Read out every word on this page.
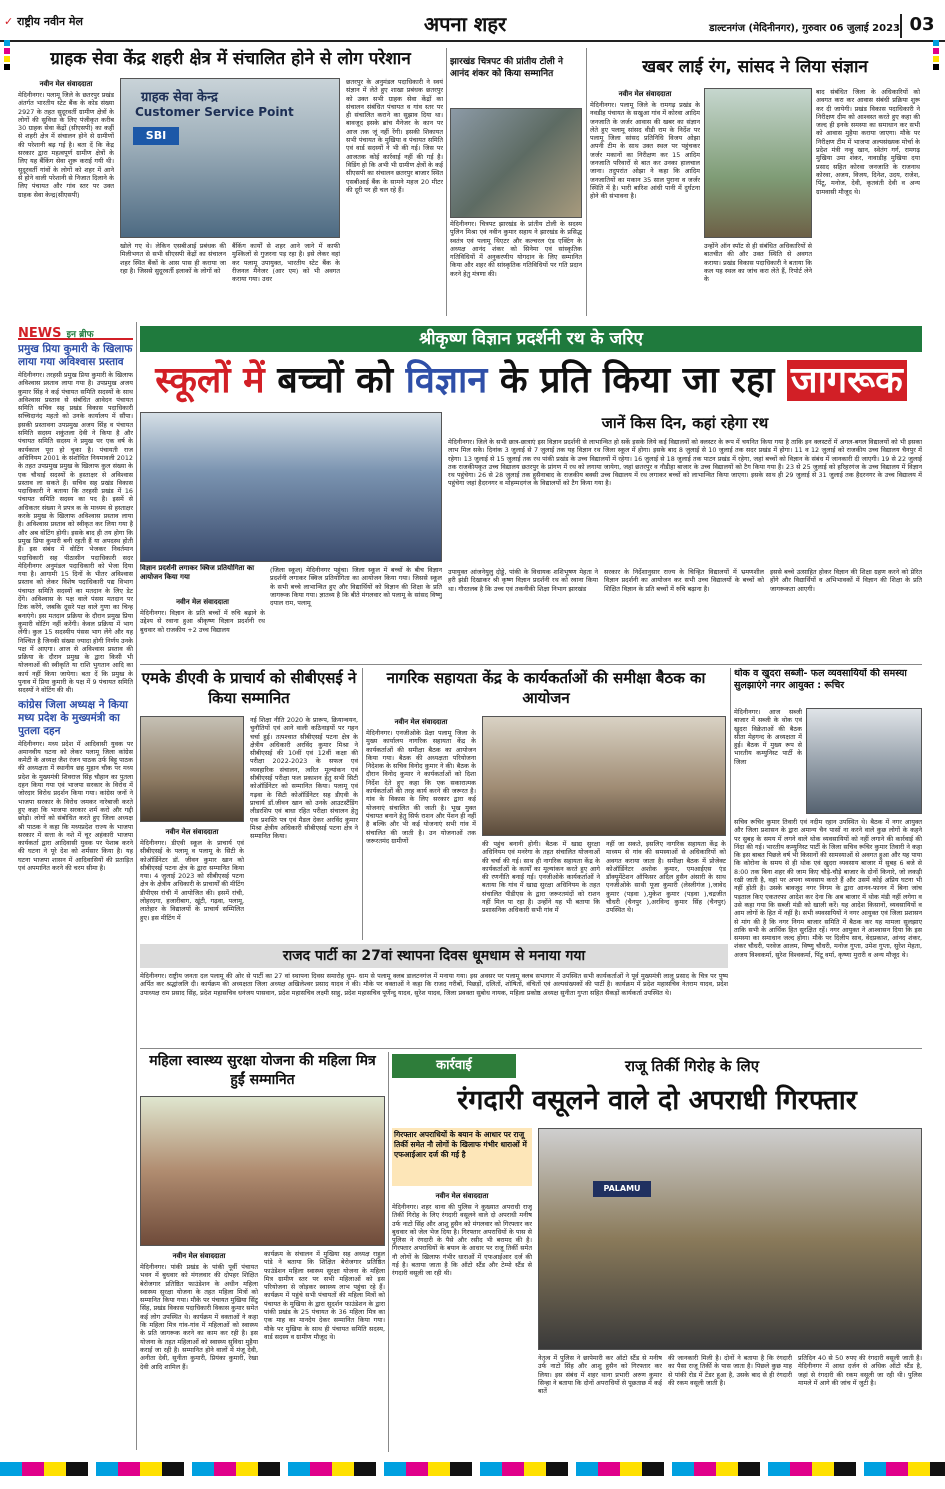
✓ राष्ट्रीय नवीन मेल	अपना शहर	डाल्टनगंज (मेदिनीनगर), गुरुवार 06 जुलाई 2023 03
ग्राहक सेवा केंद्र शहरी क्षेत्र में संचालित होने से लोग परेशान
नवीन मेल संवाददाता
मेदिनीनगर। पलामू जिले के छतरपुर प्रखंड अंतर्गत भारतीय स्टेट बैंक के कोड संख्या 2927 के तहत सुदूरवर्ती ग्रामीण क्षेत्रों के लोगों की सुविधा के लिए पंजीकृत करीब 30 ग्राहक सेवा केंद्रों (सीएसपी) का कहीं से शहरी क्षेत्र में संचालन होने से ग्रामीणों की परेशानी बढ़ गई है। बता दें कि केंद्र सरकार द्वारा महत्वपूर्ण ग्रामीण क्षेत्रों के लिए यह बैंकिंग सेवा शुरू कराई गयी थी। सुदूरवर्ती गांवों के लोगों को शहर में आने से होने वाली परेशानी से निजात दिलाने के लिए पंचायत और गांव स्तर पर उक्त ग्राहक सेवा केन्द्र(सीएसपी)
ग्राहक सेवा केन्द्र
Customer Service Point
SBI
खोले गए थे। लेकिन एसबीआई प्रबंधक की मिलीभगत से सभी सीएसपी केंद्रों का संचालन शहर स्थित बैंकों के आस पास ही कराया जा रहा है। जिससे सुदूरवर्ती इलाकों के लोगों को
बैंकिंग कार्यों से शहर आने जाने में काफी मुश्किलों से गुजरना पड़ रहा है। इसे लेकर वहां कर पलामू उपायुक्त, भारतीय स्टेट बैंक के रीजनल मैनेजर (आर एम) को भी अवगत कराया गया। उधर
छतरपुर के अनुमंडल पदाधिकारी ने स्वयं संज्ञान में लेते हुए शाखा प्रबंधक छतरपुर को उक्त सभी ग्राहक सेवा केंद्रों का संचालन संबंधित पंचायत व गांव स्तर पर ही संचालित कराने का सुझाव दिया था। बावजूद इसके ब्रांच मैनेजर के कान पर आज तक जूं नहीं रेंगी। इसकी शिकायत सभी पंचायत के मुखिया व पंचायत समिति एवं वार्ड सदस्यों ने भी की गई। जिस पर आजतक कोई कार्रवाई नहीं की गई है। विडिंग हो कि अभी भी ग्रामीण क्षेत्रों के कई सीएसपी का संचालन छतरपुर बाजार स्थित एसबीआई बैंक के सामने महज 20 मीटर की दूरी पर ही चल रहे हैं।
झारखंड चित्रपट की प्रांतीय टोली ने आनंद शंकर को किया सम्मानित
मेदिनीनगर। चित्रपट झारखंड के प्रांतीय टोली के सदस्य पुलिन मिश्रा एवं नवीन कुमार सहाय ने झारखंड के प्रसिद्ध स्वतंत्र एवं पलामू थिएटर और कल्चरल एंड एक्टिंग के अध्यक्ष आनंद शंकर को सिनेमा एवं सांस्कृतिक गतिविधियों में अनुकरणीय योगदान के लिए सम्मानित किया और शहर की सांस्कृतिक गतिविधियों पर गति प्रदान करने हेतु मंत्रणा की।
खबर लाई रंग, सांसद ने लिया संज्ञान
नवीन मेल संवाददाता
मेदिनीनगर। पलामू जिले के रामगढ़ प्रखंड के नवडीह पंचायत के सखुआ गांव में कोरवा आदिम जनजाति के जर्जर आवास की खबर का संज्ञान लेते हुए पलामू सांसद वीडी राम के निर्देश पर पलामू जिला सांसद प्रतिनिधि विजय ओझा अपनी टीम के साथ उक्त स्थल पर पहुंचकर जर्जर मकानों का निरीक्षण कर 15 आदिम जनजाति परिवारों से बात कर उनका हालचाल जाना। तदुपरांत ओझा ने कहा कि आदिम जनजातियों का मकान 35 साल पुराना व जर्जर स्थिति में है। भारी बारिश आंधी पानी में दुर्घटना होने की संभावना है।
उन्होंने ऑन स्पॉट से ही संबंधित अधिकारियों से बातचीत की और उक्त स्थिति से अवगत कराया। प्रखंड विकास पदाधिकारी ने बताया कि कल यह स्थल का जांच करा लेते हैं, रिपोर्ट लेने के
बाद संबंधित जिला के अधिकारियों को अवगत करा कर आवास संबंधी प्रक्रिया शुरू कर दी जायेगी। प्रखंड विकास पदाधिकारी ने निरीक्षण दीम को आश्वस्त करते हुए कहा की जल्द ही इनके समस्या का समाधान कर सभी को आवास मुहैया कराया जाएगा। मौके पर निरीक्षण टीम में भाजपा अल्पसंख्यक मोर्चा के प्रदेश मंत्री नन्हू खान, स्वेतंग गर्ग, रामगढ़ मुखिया उमा शंकर, नावाडीह मुखिया दया प्रसाद सहित कोरवा जनजाति के राजनाथ कोरवा, अजय, विजय, दिनेश, उदय, राजेश, पिंटू, मनोज, देवी, कृतवंती देवी व अन्य ग्रामवासी मौजूद थे।
NEWS इन ब्रीफ
प्रमुख प्रिया कुमारी के खिलाफ लाया गया अविश्वास प्रस्ताव
मेदिनीनगर। तरहसी प्रमुख प्रिया कुमारी के खिलाफ अविश्वास प्रस्ताव लाया गया है। उपप्रमुख अजय कुमार सिंह ने कई पंचायत समिति सदस्यों के साथ अविश्वास प्रस्ताव से संबंधित आवेदन पंचायत समिति सचिव सह प्रखंड विकास पदाधिकारी सच्चिदानंद महतो को उनके कार्यालय में सौंपा। इसकी प्रस्तावना उपप्रमुख अजय सिंह व पंचायत समिति सदस्य शकुंतला देवी ने किया है और पंचायत समिति सदस्य ने प्रमुख पर एक वर्ष के कार्यकाल पूरा हो चुका है। पंचायती राज अधिनियम 2001 के संशोधित नियमावली 2012 के तहत उपप्रमुख प्रमुख के खिलाफ कुल संख्या के एक चौथाई सदस्यों के हस्ताक्षर से अविश्वास प्रस्ताव ला सकते हैं। सचिव सह प्रखंड विकास पदाधिकारी ने बताया कि तरहसी प्रखंड में 16 पंचायत समिति सदस्य का पद है। इसमें से अधिकतर संख्या ने प्रपत्र क के माध्यम से हस्ताक्षर करके प्रमुख के खिलाफ अविश्वास प्रस्ताव लाया है। अविश्वास प्रस्ताव को स्वीकृत कर लिया गया है और अब वोटिंग होगी। इसके बाद ही तय होगा कि प्रमुख प्रिया कुमारी बनी रहती हैं या अपदस्थ होती हैं। इस संबंध में वोटिंग भेजकर निवर्तमान पदाधिकारी सह पीठासीन पदाधिकारी सदर मेदिनीनगर अनुमंडल पदाधिकारी को भेजा दिया गया है। आगामी 15 दिनों के भीतर अविश्वास प्रस्ताव को लेकर विशेष पदाधिकारी पद्य विभाग पंचायत समिति सदस्यों का मतदान के लिए डेट देंगे। अविश्वास के पक्ष वाले पंसस मतदान पर टिक करेंगे, जबकि दूसरे पक्ष वाले गुणा का चिन्ह बनाएंगे। इस मतदान प्रक्रिया के दौरान प्रमुख प्रिया कुमारी वोटिंग नहीं करेंगी। केवल प्रक्रिया में भाग लेंगी। कुल 15 सदस्यीय पंसस भाग लेंगे और यह निश्चित है जिनकी संख्या ज्यादा होगी निर्णय उनके पक्ष में आएगा। आज से अविश्वास प्रस्ताव की प्रक्रिया के दौरान प्रमुख के द्वारा किसी भी योजनाओं की स्वीकृति या राशि भुगतान आदि का कार्य नहीं किया जायेगा। बता दें कि प्रमुख के पुनाव में प्रिया कुमारी के पक्ष में 9 पंचायत समिति सदस्यों ने वोटिंग की थी।
कांग्रेस जिला अध्यक्ष ने किया मध्य प्रदेश के मुख्यमंत्री का पुतला दहन
मेदिनीनगर। मध्य प्रदेश में आदिवासी युवक पर अमानवीय घटना को लेकर पलामू जिला कांग्रेस कमेटी के अध्यक्ष जैश रंजन पाठक उर्फ बिट्टू पाठक की अध्यक्षता में स्थानीय छह मुहान चौक पर मध्य प्रदेश के मुख्यमंत्री शिवराज सिंह चौहान का पुतला दहन किया गया एवं भाजपा सरकार के विरोध में जोरदार विरोध प्रदर्शन किया गया। कांग्रेस जनों ने भाजपा सरकार के विरोध जमकर नारेबाजी करते हुए कहा कि भाजपा सरकार शर्म करो और गद्दी छोड़ो। लोगों को संबोधित करते हुए जिला अध्यक्ष श्री पाठक ने कहा कि मध्यप्रदेश राज्य के भाजपा सरकार में सत्ता के नशे में चूर अहंकारी भाजपा कार्यकर्ता द्वारा आदिवासी युवक पर पेशाब करने की घटना ने पूरे देश को शर्मसार किया है। यह घटना भाजपा शासन में आदिवासियों की प्रताड़ित एवं अपमानित करने की चरम सीमा है।
श्रीकृष्ण विज्ञान प्रदर्शनी रथ के जरिए
स्कूलों में बच्चों को विज्ञान के प्रति किया जा रहा जागरूक
विज्ञान प्रदर्शनी लगाकर क्विज प्रतियोगिता का आयोजन किया गया
नवीन मेल संवाददाता
मेदिनीनगर। विज्ञान के प्रति बच्चों में रुचि बढ़ाने के उद्देश्य से रवाना हुआ श्रीकृष्ण विज्ञान प्रदर्शनी रथ बुधवार को राजकीय +2 उच्च विद्यालय
(जिला स्कूल) मेदिनीनगर पहुंचा। जिला स्कूल में बच्चों के बीच विज्ञान प्रदर्शनी लगाकर क्विज प्रतियोगिता का आयोजन किया गया। जिससे स्कूल के सभी बच्चे लाभान्वित हुए और विद्यार्थियों को विज्ञान की शिक्षा के प्रति जागरूक किया गया। ज्ञातव्य है कि बीते मंगलवार को पलामू के सांसद विष्णु दयाल राम, पलामू
जानें किस दिन, कहां रहेगा रथ
मेदिनीनगर। जिले के सभी छात्र-छात्राएं इस विज्ञान प्रदर्शनी से लाभान्वित हो सकें इसके लिये कई विद्यालयों को क्लस्टर के रूप में चयनित किया गया है ताकि इन क्लस्टरों में अगल-बगल विद्यालयों को भी इसका लाभ मिल सके। दिनांक 3 जुलाई से 7 जुलाई तक यह विज्ञान रथ जिला स्कूल में होगा। इसके बाद 8 जुलाई से 10 जुलाई तक सदर प्रखंड में होगा। 11 व 12 जुलाई को राजकीय उच्च विद्यालय चैनपुर में रहेगा। 13 जुलाई से 15 जुलाई तक रथ पांकी प्रखंड के उच्च विद्यालयों में रहेगा। 16 जुलाई से 18 जुलाई तक पाटन प्रखंड में रहेगा, जहां बच्चों को विज्ञान के संबंध में जानकारी दी जाएगी। 19 से 22 जुलाई तक राजकीयकृत उच्च विद्यालय छतरपुर के प्रांगण में रथ को लगाया जायेगा, जहां छतरपुर व नौडीहा बाजार के उच्च विद्यालयों को टैग किया गया है। 23 से 25 जुलाई को हरिहरगंज के उच्च विद्यालय में विज्ञान रथ पहुंचेगा। 26 से 28 जुलाई तक हुसैनाबाद के राजकीय बक्सी उच्च विद्यालय में रथ लगाकर बच्चों को लाभान्वित किया जाएगा। इसके साथ ही 29 जुलाई से 31 जुलाई तक हैदरनगर के उच्च विद्यालय में पहुंचेगा जहां हैदरनगर व मोहम्मदगंज के विद्यालयों को टैग किया गया है।
उपायुक्त आंजनेयुलु दोड्डे, पांकी के विधायक शशिभूषण मेहता ने हरी झंडी दिखाकर श्री कृष्ण विज्ञान प्रदर्शनी रथ को रवाना किया था। गौरतलब है कि उच्च एवं तकनीकी शिक्षा निभाग झारखंड
सरकार के निर्देशानुसार राज्य के चिन्हित विद्यालयों में भ्रमणशील विज्ञान प्रदर्शनी का आयोजन कर सभी उच्च विद्यालयों के बच्चों को शिक्षित विज्ञान के प्रति बच्चों में रुचि बढ़ाना है।
इससे बच्चे उत्साहित होकर विज्ञान की शिक्षा ग्रहण करने को प्रेरित होंगे और विद्यार्थियों व अभिभावकों में विज्ञान की शिक्षा के प्रति जागरूकता आएगी।
एमके डीएवी के प्राचार्य को सीबीएसई ने किया सम्मानित
नवीन मेल संवाददाता
मेदिनीनगर। डीएवी स्कूल के प्राचार्य एवं सीबीएसई के पलामू व पलामू के सिटी के कोऑर्डिनेटर डॉ. जीवन कुमार खान को सीबीएसई पटना क्षेत्र के द्वारा सम्मानित किया गया। 4 जुलाई 2023 को सीबीएसई पटना क्षेत्र के क्षेत्रीय अधिकारी के प्राचार्यों की मीटिंग डीपीएस रांची में आयोजित की। इसमें रांची, लोहरदगा, हजारीबाग, खूंटी, गढ़वा, पलामू, लातेहार के विद्यालयों के प्राचार्य सम्मिलित हुए। इस मीटिंग में
नई शिक्षा नीति 2020 के प्रारूप, क्रियान्वयन, चुनौतियों एवं आने वाली कठिनाइयों पर गहन चर्चा हुई। तत्पश्चात सीबीएसई पटना क्षेत्र के क्षेत्रीय अधिकारी अरविंद कुमार मिश्रा ने सीबीएसई की 10वीं एवं 12वीं कक्षा की परीक्षा 2022-2023 के सफल एवं व्यवहारिक संचालन, त्वरित मूल्यांकन एवं सीबीएसई परीक्षा फल प्रकाशन हेतु सभी सिटी कोऑर्डिनेटर को सम्मानित किया। पलामू एवं गढ़वा के सिटी कोऑर्डिनेटर सह डीएवी के प्राचार्य डॉ.जीवन खान को उनके आउटस्टैंडिंग लीडरशिप एवं बाधा रहित परीक्षा संचालन हेतु एक प्रशस्ति पत्र एवं मैडल देकर अरविंद कुमार मिश्रा क्षेत्रीय अधिकारी सीबीएसई पटना क्षेत्र ने सम्मानित किया।
नागरिक सहायता केंद्र के कार्यकर्ताओं की समीक्षा बैठक का आयोजन
नवीन मेल संवाददाता
मेदिनीनगर। एनजीओके प्रेक्षा पलामू जिला के मुख्य कार्यालय नागरिक सहायता केंद्र के कार्यकर्ताओं की समीक्षा बैठक का आयोजन किया गया। बैठक की अध्यक्षता परियोजना निदेशक के सचिव विनोद कुमार ने की। बैठक के दौरान विनोद कुमार ने कार्यकर्ताओं को दिशा निर्देश देते हुए कहा कि एक सकारात्मक कार्यकर्ताओं की तरह कार्य करने की जरूरत है। गांव के विकास के लिए सरकार द्वारा कई योजनाएं संचालित की जाती है। भूख मुक्त पंचायत बनाने हेतु सिर्फ राशन और पेंशन ही नहीं है बल्कि और भी कई योजनाएं सभी गांव में संचालित की जाती है। उन योजनाओं तक जरूरतमंद ग्रामीणों	की पहुंच बनानी होगी। बैठक में खाद्य सुरक्षा अधिनियम एवं मनरेगा के तहत संचालित योजनाओं की चर्चा की गई। साथ ही नागरिक सहायता केंद्र के कार्यकर्ताओं के कार्यों का मूल्यांकन करते हुए आगे की रणनीति बनाई गई। एनजीओके कार्यकर्ताओं ने बताया कि गांव में खाद्य सुरक्षा अधिनियम के तहत संचालित पीडीएस के द्वारा जरूरतमंदों को राशन नहीं मिल पा रहा है। उन्होंने यह भी बताया कि प्रशासनिक अधिकारी सभी गांव में
नहीं जा सकते, इसलिए नागरिक सहायता केंद्र के माध्यम से गांव की समस्याओं से अधिकारियों को अवगत कराया जाता है। समीक्षा बैठक में प्रोजेक्ट कोऑर्डिनेटर अशोक कुमार, एमआईएस एंड डॉक्यूमेंटेशन ऑफिसर अदिल हुसैन अंसारी के साथ एनजीओके साथी पूजा कुमारी (लेस्लीगंज ),जावेद कुमार (पड़वा ),मुकेश कुमार (पड़वा ),चद्रजीत चौधरी (चैनपुर ),अरविन्द कुमार सिंह (चैनपुर) उपस्थित थे।
थोक व खुदरा सब्जी- फल व्यवसायियों की समस्या सुलझाएंगे नगर आयुक्त : रूचिर
मेदिनीनगर। आज सब्जी बाजार में सब्जी के थोक एवं खुदरा विक्रेताओं की बैठक सीता मेहगन्द के अध्यक्षता में हुई। बैठक में मुख्य रूप से भारतीय कम्युनिस्ट पार्टी के जिला
सचिव रूचिर कुमार तिवारी एवं नदीम रहान उपस्थित थे। बैठक में नगर आयुक्त और जिला प्रशासन के द्वारा अमान्य चैन पासों ना करने वाले कुछ लोगों के कहने पर सुबह के समय में लगने वाले थोक व्यवसायियों को नहीं लगाने की कार्रवाई की निंदा की गई। भारतीय कम्युनिस्ट पार्टी के जिला सचिव रूचिर कुमार तिवारी ने कहा कि इस बाबत पिछले वर्ष भी किसानों की सामस्याओं से अवगत हुआ और यह पाया कि कोरोना के समय से ही थोक एवं खुदरा व्यवसाय बाजार में सुबह 6 बजे से 8:00 तक बिना शहर की जाम किए चौड़े-चौड़े बाजार के दोनों किनारे, जो लकड़ी रखी जाती है, वहां पर अपना व्यवसाय करते हैं और उसमें कोई अप्रिय घटना भी नहीं होती है। उसके बावजूद नगर निगम के द्वारा आनन-फानन में बिना जांच पड़ताल किए एकतरफा आदेश कर देना कि अब बाजार में थोक मंडी नहीं लगेगा व उसे कहा गया कि सब्जी मंडी को खाली करें। यह आदेश किसानों, व्यवसायियों व आम लोगों के हित में नहीं है। सभी व्यवसायियों ने नगर आयुक्त एवं जिला प्रशासन से मांग की है कि नगर निगम बाजार समिति में बैठक कर यह मामला सुलझाए ताकि सभी के आर्थिक हित सुरक्षित रहें। नगर आयुक्त ने आश्वासन दिया कि इस समस्या का समाधान जल्द होगा। मौके पर दिलीप साव, वेदप्रकाश, आंनद शंकर, शंकर चौधरी, परवेज आलम, विष्णु चौधरी, मनोज गुप्ता, उमेश गुप्ता, सुरेश मेहता, अजय विश्वकर्मा, सुरेश विश्वकर्मा, पिंटू वर्मा, कृष्णा मुरारी व अन्य मौजूद थे।
राजद पार्टी का 27वां स्थापना दिवस धूमधाम से मनाया गया
मेदिनीनगर। राष्ट्रीय जनता दल पलामू की ओर से पार्टी का 27 वां स्थापना दिवस समारोह धूम- धाम से पलामू क्लब डालटनगंज में मनाया गया। इस अवसर पर पलामू क्लब सभागार में उपस्थित सभी कार्यकर्ताओं ने पूर्व मुख्यमंत्री लालू प्रसाद के चित्र पर पुष्प अर्पित कर श्रद्धांजलि दी। कार्यक्रम की अध्यक्षता जिला अध्यक्ष अखिलेश्वर प्रसाद यादव ने की। मौके पर वक्ताओं ने कहा कि राजद गरीबों, पिछड़ों, दलितों, शोषितों, वंचितों एवं अल्पसंख्यकों की पार्टी है। कार्यक्रम में प्रदेश महासचिव नेतराम यादव, प्रदेश उपाध्यक्ष राम प्रसाद सिंह, प्रदेश महासचिव धनंजय पासवान, प्रदेश महासचिव लक्ष्मी साहु, प्रदेश महासचिव पूर्णेन्दु यादव, सुरेश यादव, जिला प्रवक्ता सुबोध नायक, महिला प्रकोष्ठ अध्यक्ष सुनीता गुप्ता सहित सैकड़ों कार्यकर्ता उपस्थित थे।
महिला स्वास्थ्य सुरक्षा योजना की महिला मित्र हुईं सम्मानित
नवीन मेल संवाददाता
मेदिनीनगर। पांकी प्रखंड के पांकी पूर्वी पंचायत भवन में बुधवार को मंगलवार की दोपहर शिक्षित बेरोजगार प्रतिष्ठित फाउंडेशन के अधीन महिला स्वास्थ्य सुरक्षा योजना के तहत महिला मित्रों को सम्मानित किया गया। मौके पर पंचायत मुखिया सिंटू सिंह, प्रखंड विकास पदाधिकारी विकास कुमार समेत कई लोग उपस्थित थे। कार्यक्रम में वक्ताओं ने कहा कि महिला मित्र गांव-गांव में महिलाओं को स्वास्थ्य के प्रति जागरूक करने का काम कर रही है। इस योजना के तहत महिलाओं को स्वास्थ्य सुविधा मुहैया कराई जा रही है। सम्मानित होने वालों में मंजू देवी, अनीता देवी, सुनीता कुमारी, प्रियंका कुमारी, रेखा देवी आदि शामिल हैं।
कार्यक्रम के संचालन में मुखिया सह अध्यक्ष राहुल पांडे ने बताया कि शिक्षित बेरोजगार प्रतिष्ठित फाउंडेशन महिला स्वास्थ्य सुरक्षा योजना के महिला मित्र ग्रामीण स्तर पर सभी महिलाओं को इस परियोजना से जोड़कर स्वास्थ्य लाभ पहुंचा रहे हैं। कार्यक्रम में पहुंचे सभी पंचायतों की महिला मित्रों को पंचायत के मुखिया के द्वारा सुदर्शन फाउंडेशन के द्वारा पांकी प्रखंड के 25 पंचायत के 36 महिला मित्र का एक माह का मानदेय देकर सम्मानित किया गया। मौके पर मुखिया के साथ ही पंचायत समिति सदस्य, वार्ड सदस्य व ग्रामीण मौजूद थे।
कार्रवाई	राजू तिर्की गिरोह के लिए
रंगदारी वसूलने वाले दो अपराधी गिरफ्तार
गिरफ्तार अपराधियों के बयान के आधार पर राजू तिर्की समेत नौ लोगों के खिलाफ गंभीर धाराओं में एफआईआर दर्ज की गई है
नवीन मेल संवाददाता
मेदिनीनगर। शहर थाना की पुलिस ने कुख्यात अपराधी राजू तिर्की गिरोह के लिए रंगदारी वसूलने वाले दो अपराधी मनीष उर्फ नाटो सिंह और आशु हुसैन को मंगलवार को गिरफ्तार कर बुधवार को जेल भेज दिया है। गिरफ्तार अपराधियों के पास से पुलिस ने रंगदारी के पैसे और रसीद भी बरामद की है। गिरफ्तार अपराधियों के बयान के आधार पर राजू तिर्की समेत नौ लोगों के खिलाफ गंभीर धाराओं में एफआईआर दर्ज की गई है। बताया जाता है कि ऑटो स्टैंड और टेम्पो स्टैंड से रंगदारी वसूली जा रही थी।
PALAMU
नेतृत्व में पुलिस ने छापेमारी कर ऑटो स्टैंड से मनीष उर्फ नाटो सिंह और आशु हुसैन को गिरफ्तार कर लिया। इस संबंध में शहर थाना प्रभारी अरुण कुमार सिन्हा ने बताया कि दोनों अपराधियों से पूछताछ में कई बातें
की जानकारी मिली है। दोनों ने बताया है कि रंगदारी का पैसा राजू तिर्की के पास जाता है। पिछले कुछ माह से पांकी रोड में टेंडर हुआ है, उसके बाद से ही रंगदारी की रकम वसूली जाती है।
प्रतिदिन 40 से 50 रुपए की रंगदारी वसूली जाती है। मेदिनीनगर में आधा दर्जन से अधिक ऑटो स्टैंड है, जहां से रंगदारी की रकम वसूली जा रही थी। पुलिस मामले में आगे की जांच में जुटी है।
